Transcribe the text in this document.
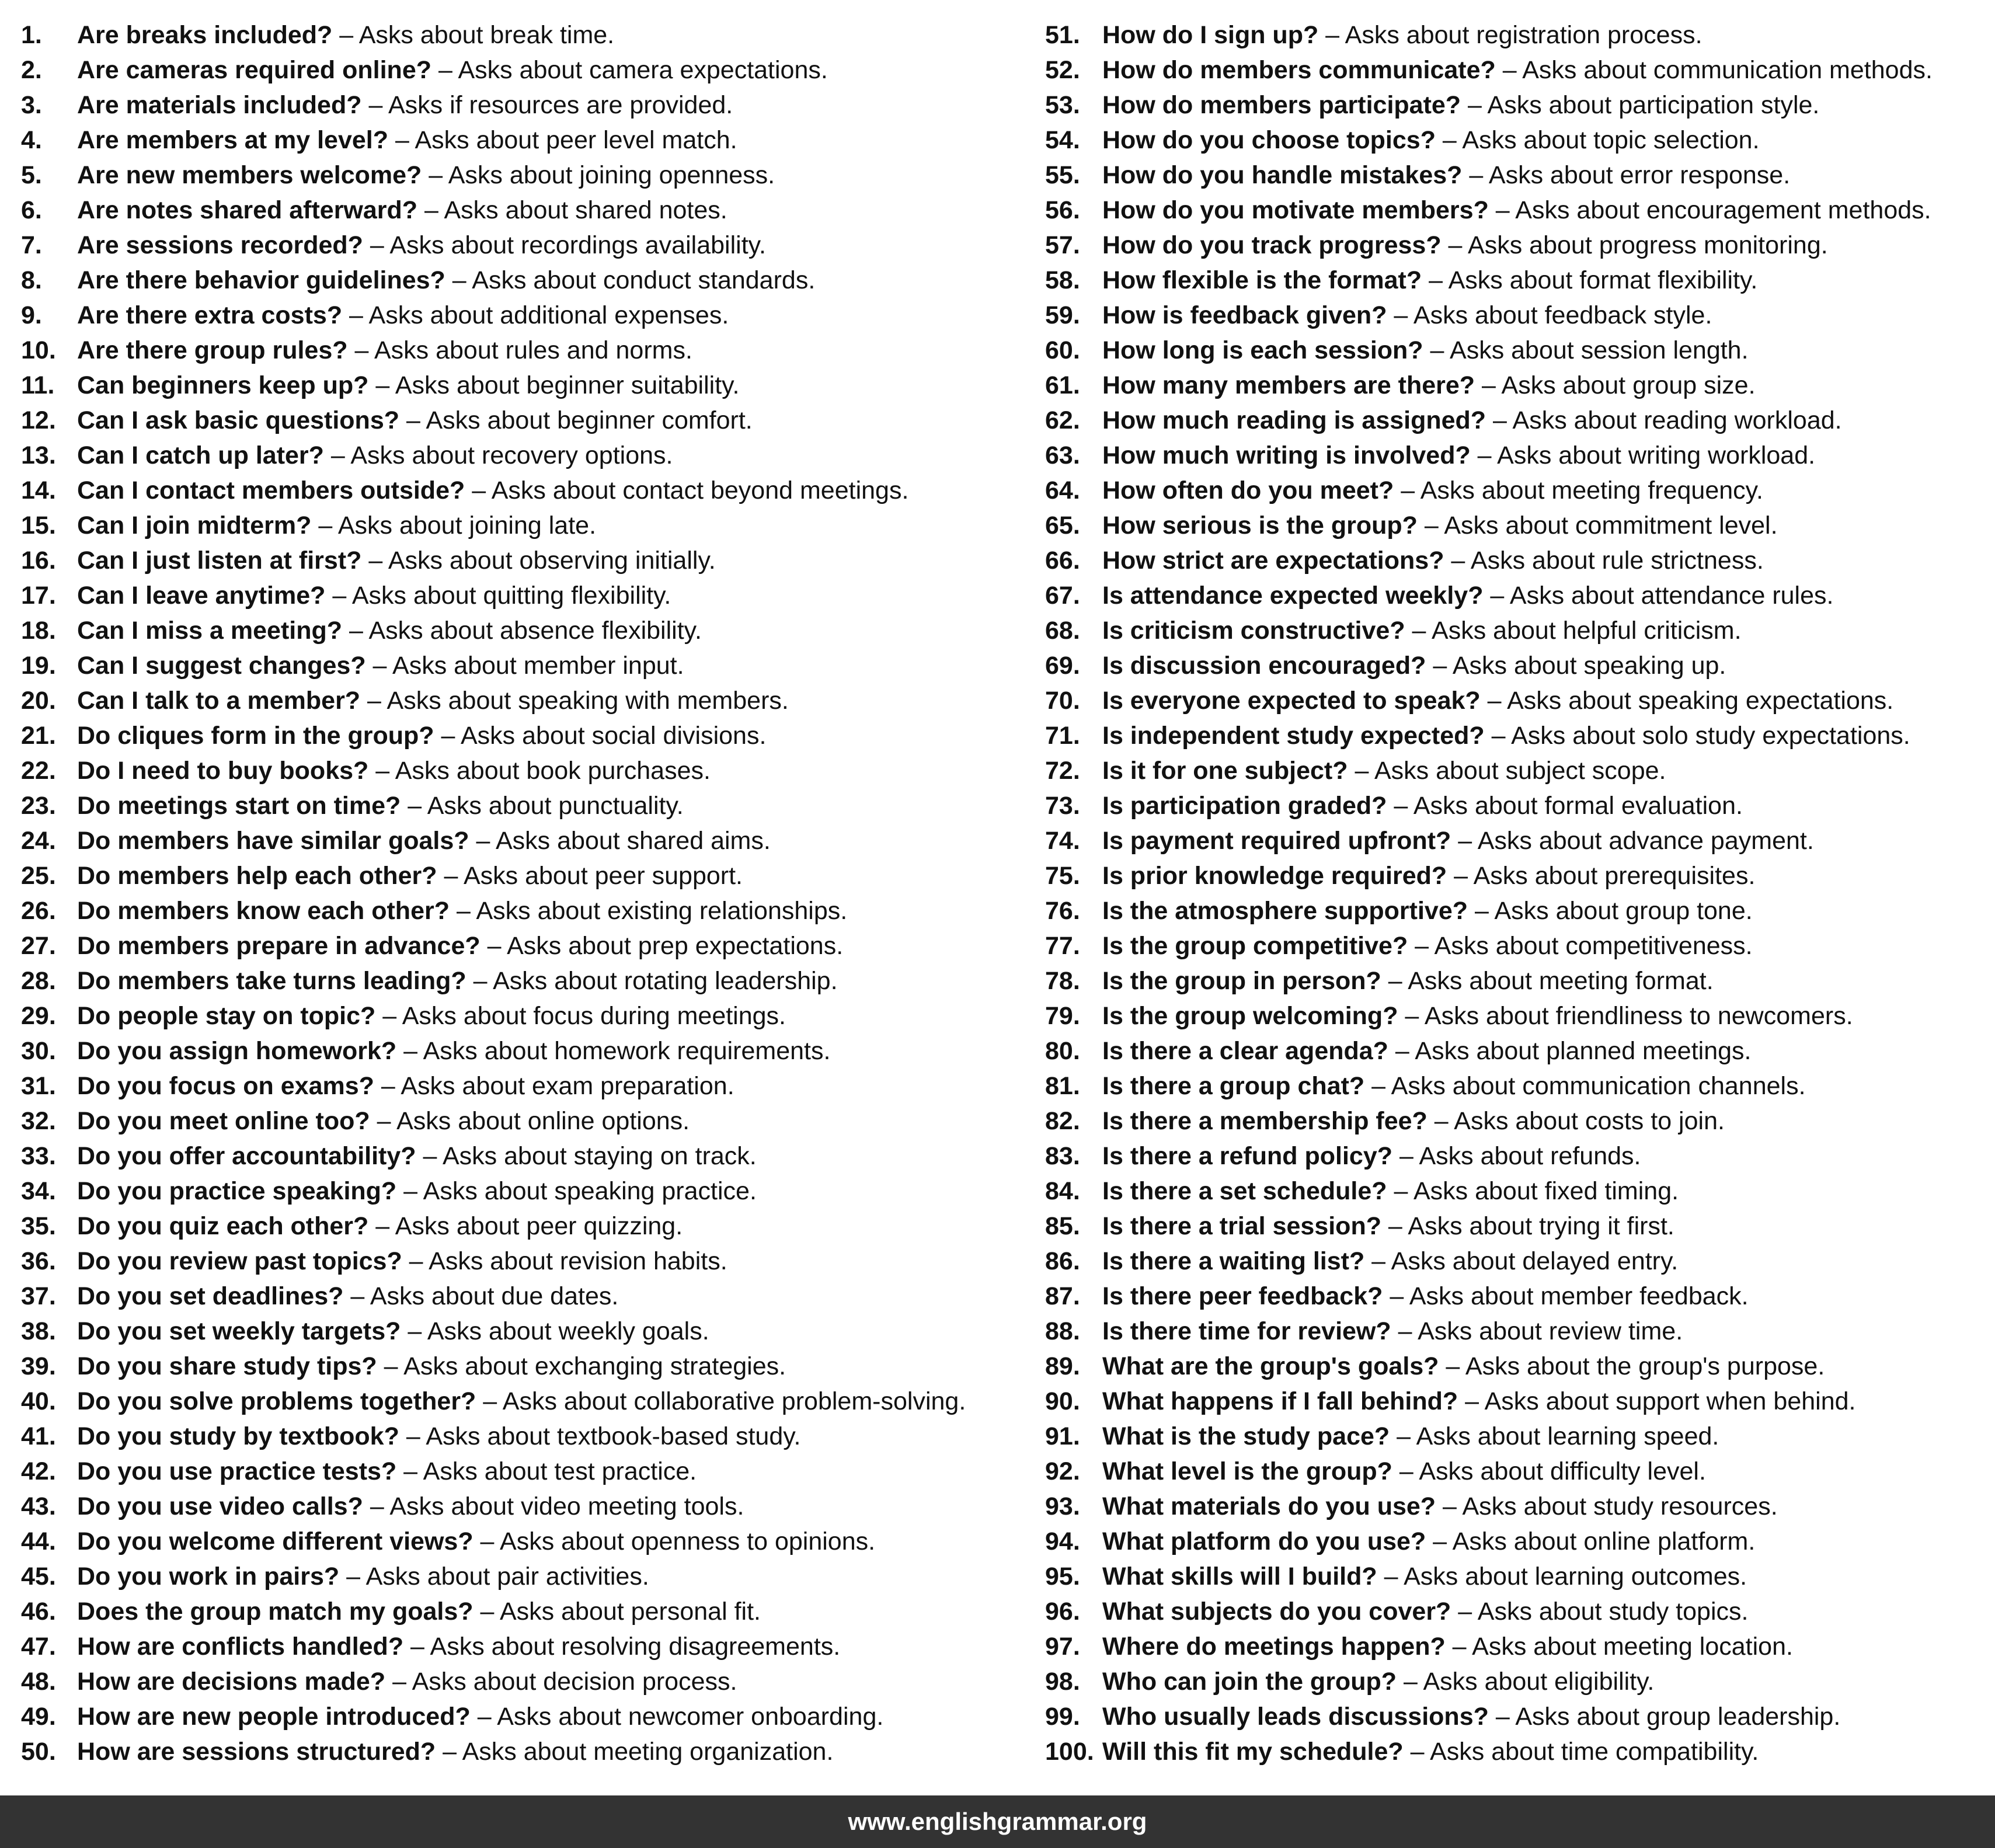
1. Are breaks included? – Asks about break time.
2. Are cameras required online? – Asks about camera expectations.
3. Are materials included? – Asks if resources are provided.
4. Are members at my level? – Asks about peer level match.
5. Are new members welcome? – Asks about joining openness.
6. Are notes shared afterward? – Asks about shared notes.
7. Are sessions recorded? – Asks about recordings availability.
8. Are there behavior guidelines? – Asks about conduct standards.
9. Are there extra costs? – Asks about additional expenses.
10. Are there group rules? – Asks about rules and norms.
11. Can beginners keep up? – Asks about beginner suitability.
12. Can I ask basic questions? – Asks about beginner comfort.
13. Can I catch up later? – Asks about recovery options.
14. Can I contact members outside? – Asks about contact beyond meetings.
15. Can I join midterm? – Asks about joining late.
16. Can I just listen at first? – Asks about observing initially.
17. Can I leave anytime? – Asks about quitting flexibility.
18. Can I miss a meeting? – Asks about absence flexibility.
19. Can I suggest changes? – Asks about member input.
20. Can I talk to a member? – Asks about speaking with members.
21. Do cliques form in the group? – Asks about social divisions.
22. Do I need to buy books? – Asks about book purchases.
23. Do meetings start on time? – Asks about punctuality.
24. Do members have similar goals? – Asks about shared aims.
25. Do members help each other? – Asks about peer support.
26. Do members know each other? – Asks about existing relationships.
27. Do members prepare in advance? – Asks about prep expectations.
28. Do members take turns leading? – Asks about rotating leadership.
29. Do people stay on topic? – Asks about focus during meetings.
30. Do you assign homework? – Asks about homework requirements.
31. Do you focus on exams? – Asks about exam preparation.
32. Do you meet online too? – Asks about online options.
33. Do you offer accountability? – Asks about staying on track.
34. Do you practice speaking? – Asks about speaking practice.
35. Do you quiz each other? – Asks about peer quizzing.
36. Do you review past topics? – Asks about revision habits.
37. Do you set deadlines? – Asks about due dates.
38. Do you set weekly targets? – Asks about weekly goals.
39. Do you share study tips? – Asks about exchanging strategies.
40. Do you solve problems together? – Asks about collaborative problem-solving.
41. Do you study by textbook? – Asks about textbook-based study.
42. Do you use practice tests? – Asks about test practice.
43. Do you use video calls? – Asks about video meeting tools.
44. Do you welcome different views? – Asks about openness to opinions.
45. Do you work in pairs? – Asks about pair activities.
46. Does the group match my goals? – Asks about personal fit.
47. How are conflicts handled? – Asks about resolving disagreements.
48. How are decisions made? – Asks about decision process.
49. How are new people introduced? – Asks about newcomer onboarding.
50. How are sessions structured? – Asks about meeting organization.
51. How do I sign up? – Asks about registration process.
52. How do members communicate? – Asks about communication methods.
53. How do members participate? – Asks about participation style.
54. How do you choose topics? – Asks about topic selection.
55. How do you handle mistakes? – Asks about error response.
56. How do you motivate members? – Asks about encouragement methods.
57. How do you track progress? – Asks about progress monitoring.
58. How flexible is the format? – Asks about format flexibility.
59. How is feedback given? – Asks about feedback style.
60. How long is each session? – Asks about session length.
61. How many members are there? – Asks about group size.
62. How much reading is assigned? – Asks about reading workload.
63. How much writing is involved? – Asks about writing workload.
64. How often do you meet? – Asks about meeting frequency.
65. How serious is the group? – Asks about commitment level.
66. How strict are expectations? – Asks about rule strictness.
67. Is attendance expected weekly? – Asks about attendance rules.
68. Is criticism constructive? – Asks about helpful criticism.
69. Is discussion encouraged? – Asks about speaking up.
70. Is everyone expected to speak? – Asks about speaking expectations.
71. Is independent study expected? – Asks about solo study expectations.
72. Is it for one subject? – Asks about subject scope.
73. Is participation graded? – Asks about formal evaluation.
74. Is payment required upfront? – Asks about advance payment.
75. Is prior knowledge required? – Asks about prerequisites.
76. Is the atmosphere supportive? – Asks about group tone.
77. Is the group competitive? – Asks about competitiveness.
78. Is the group in person? – Asks about meeting format.
79. Is the group welcoming? – Asks about friendliness to newcomers.
80. Is there a clear agenda? – Asks about planned meetings.
81. Is there a group chat? – Asks about communication channels.
82. Is there a membership fee? – Asks about costs to join.
83. Is there a refund policy? – Asks about refunds.
84. Is there a set schedule? – Asks about fixed timing.
85. Is there a trial session? – Asks about trying it first.
86. Is there a waiting list? – Asks about delayed entry.
87. Is there peer feedback? – Asks about member feedback.
88. Is there time for review? – Asks about review time.
89. What are the group's goals? – Asks about the group's purpose.
90. What happens if I fall behind? – Asks about support when behind.
91. What is the study pace? – Asks about learning speed.
92. What level is the group? – Asks about difficulty level.
93. What materials do you use? – Asks about study resources.
94. What platform do you use? – Asks about online platform.
95. What skills will I build? – Asks about learning outcomes.
96. What subjects do you cover? – Asks about study topics.
97. Where do meetings happen? – Asks about meeting location.
98. Who can join the group? – Asks about eligibility.
99. Who usually leads discussions? – Asks about group leadership.
100. Will this fit my schedule? – Asks about time compatibility.
www.englishgrammar.org
